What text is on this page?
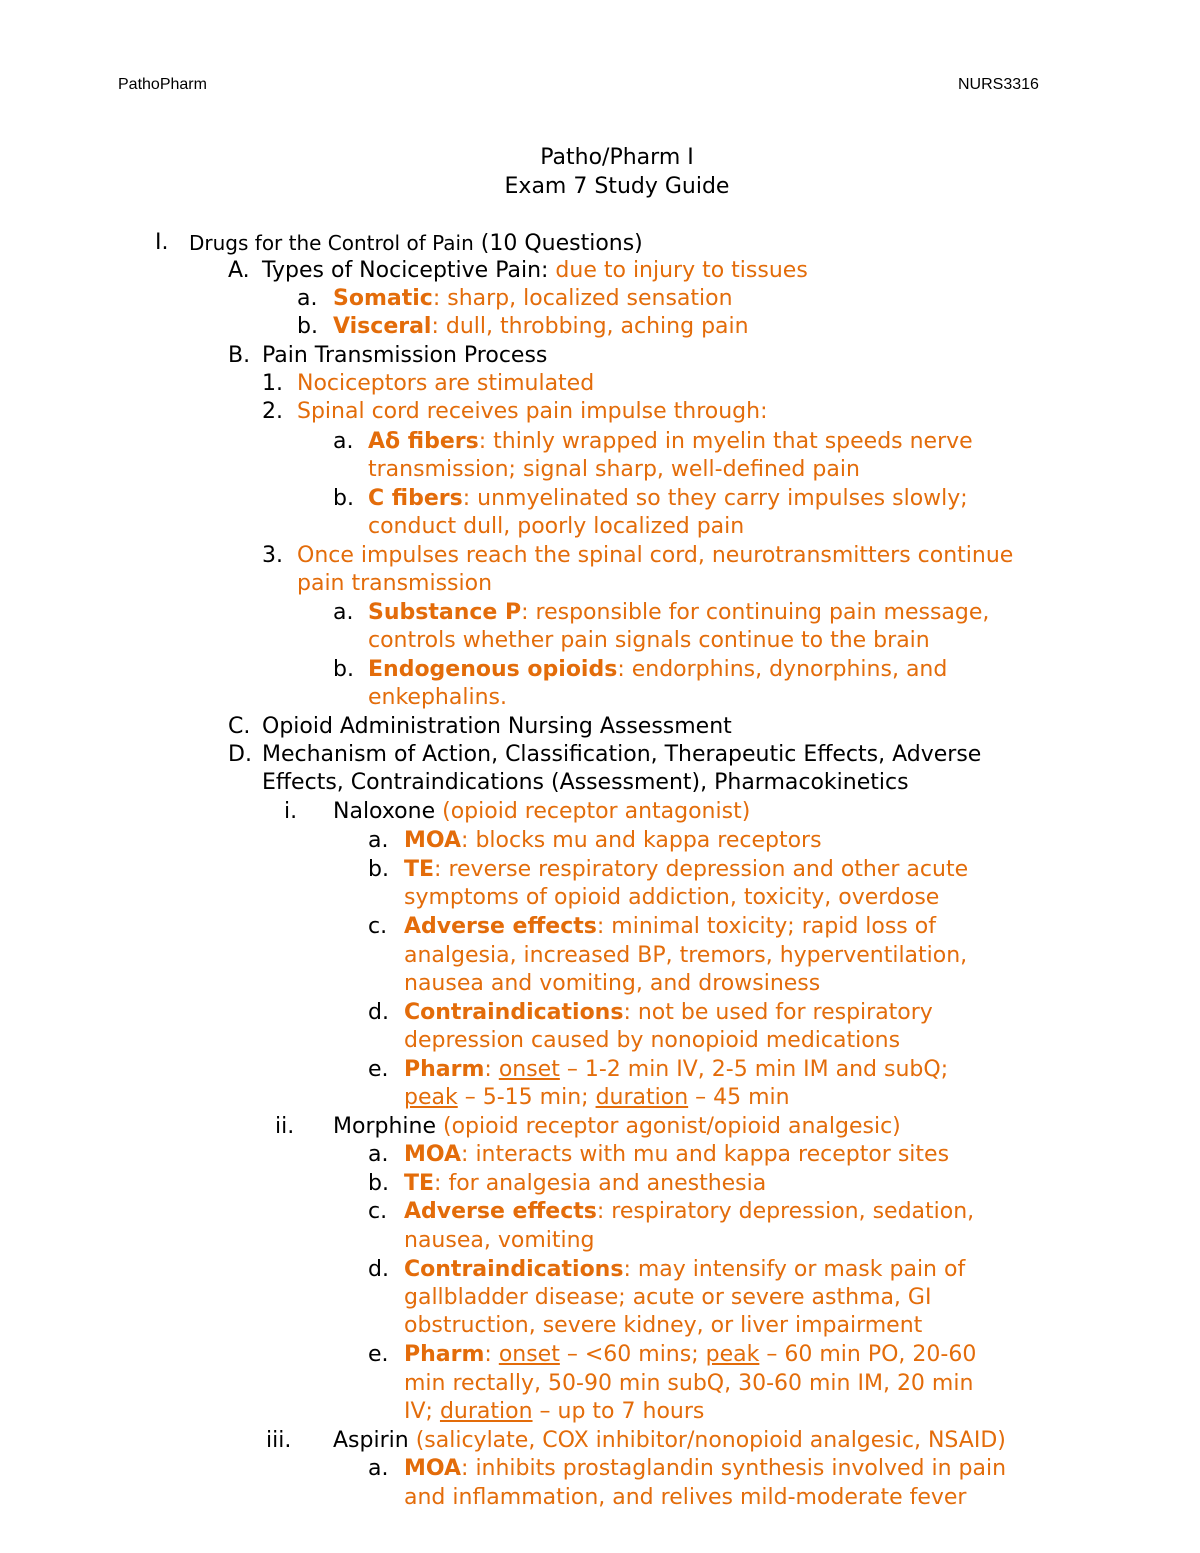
PathoPharm	NURS3316
Patho/Pharm I
Exam 7 Study Guide
I. Drugs for the Control of Pain (10 Questions)
A. Types of Nociceptive Pain: due to injury to tissues
a. Somatic: sharp, localized sensation
b. Visceral: dull, throbbing, aching pain
B. Pain Transmission Process
1. Nociceptors are stimulated
2. Spinal cord receives pain impulse through:
a. Aδ fibers: thinly wrapped in myelin that speeds nerve
transmission; signal sharp, well-defined pain
b. C fibers: unmyelinated so they carry impulses slowly;
conduct dull, poorly localized pain
3. Once impulses reach the spinal cord, neurotransmitters continue
pain transmission
a. Substance P: responsible for continuing pain message,
controls whether pain signals continue to the brain
b. Endogenous opioids: endorphins, dynorphins, and
enkephalins.
C. Opioid Administration Nursing Assessment
D. Mechanism of Action, Classification, Therapeutic Effects, Adverse
Effects, Contraindications (Assessment), Pharmacokinetics
i. Naloxone (opioid receptor antagonist)
a. MOA: blocks mu and kappa receptors
b. TE: reverse respiratory depression and other acute
symptoms of opioid addiction, toxicity, overdose
c. Adverse effects: minimal toxicity; rapid loss of
analgesia, increased BP, tremors, hyperventilation,
nausea and vomiting, and drowsiness
d. Contraindications: not be used for respiratory
depression caused by nonopioid medications
e. Pharm: onset – 1-2 min IV, 2-5 min IM and subQ;
peak – 5-15 min; duration – 45 min
ii. Morphine (opioid receptor agonist/opioid analgesic)
a. MOA: interacts with mu and kappa receptor sites
b. TE: for analgesia and anesthesia
c. Adverse effects: respiratory depression, sedation,
nausea, vomiting
d. Contraindications: may intensify or mask pain of
gallbladder disease; acute or severe asthma, GI
obstruction, severe kidney, or liver impairment
e. Pharm: onset – <60 mins; peak – 60 min PO, 20-60
min rectally, 50-90 min subQ, 30-60 min IM, 20 min
IV; duration – up to 7 hours
iii. Aspirin (salicylate, COX inhibitor/nonopioid analgesic, NSAID)
a. MOA: inhibits prostaglandin synthesis involved in pain
and inflammation, and relives mild-moderate fever
